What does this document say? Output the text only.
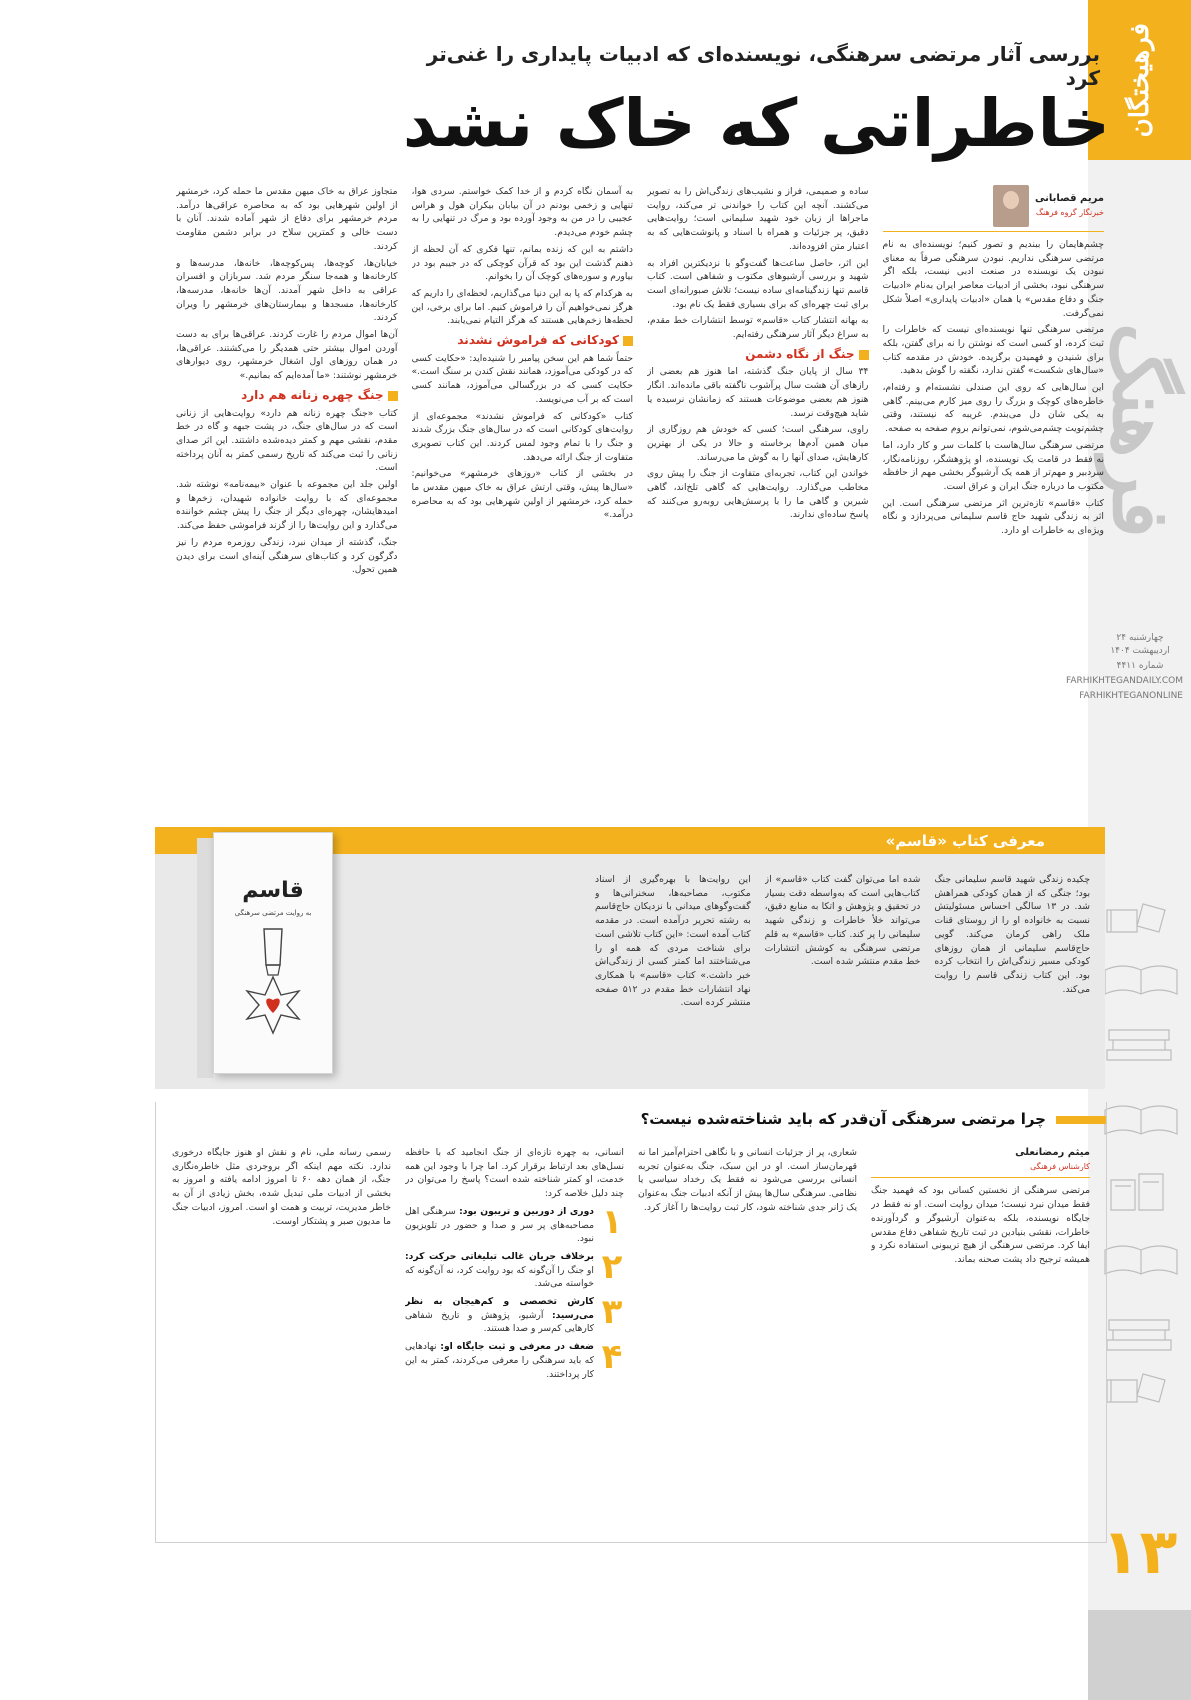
فرهیختگان
فرهنگ
چهارشنبه ۲۴ اردیبهشت ۱۴۰۴
شماره ۴۴۱۱
FARHIKHTEGANDAILY.COM
FARHIKHTEGANONLINE
۱۳
بررسی آثار مرتضی سرهنگی، نویسنده‌ای که ادبیات پایداری را غنی‌تر کرد
خاطراتی که خاک نشد
مریم قصابانی
خبرنگار گروه فرهنگ

چشم‌هایمان را ببندیم و تصور کنیم؛ نویسنده‌ای به نام مرتضی سرهنگی نداریم. نبودن سرهنگی صرفاً به معنای نبودن یک نویسنده در صنعت ادبی نیست، بلکه اگر سرهنگی نبود، بخشی از ادبیات معاصر ایران به‌نام «ادبیات جنگ و دفاع مقدس» یا همان «ادبیات پایداری» اصلاً شکل نمی‌گرفت.

مرتضی سرهنگی تنها نویسنده‌ای نیست که خاطرات را ثبت کرده، او کسی است که نوشتن را نه برای گفتن، بلکه برای شنیدن و فهمیدن برگزیده. خودش در مقدمه کتاب «سال‌های شکست» گفتن ندارد، نگفته را گوش بدهید.

این سال‌هایی که روی این صندلی نشسته‌ام و رفته‌ام، خاطره‌های کوچک و بزرگ را روی میز کارم می‌بینم. گاهی به یکی شان دل می‌بندم. غریبه که نیستند، وقتی چشم‌تویت چشم‌می‌شوم، نمی‌توانم بروم صفحه به صفحه.

مرتضی سرهنگی سال‌هاست با کلمات سر و کار دارد، اما نه فقط در قامت یک نویسنده، او پژوهشگر، روزنامه‌نگار، سردبیر و مهم‌تر از همه یک آرشیوگر بخشی مهم از حافظه مکتوب ما درباره جنگ ایران و عراق است.

کتاب «قاسم» تازه‌ترین اثر مرتضی سرهنگی است. این اثر به زندگی شهید حاج قاسم سلیمانی می‌پردازد و نگاه ویژه‌ای به خاطرات او دارد.

ساده و صمیمی، فراز و نشیب‌های زندگی‌اش را به تصویر می‌کشند. آنچه این کتاب را خواندنی تر می‌کند، روایت ماجراها از زبان خود شهید سلیمانی است؛ روایت‌هایی دقیق، پر جزئیات و همراه با اسناد و پانوشت‌هایی که به اعتبار متن افزوده‌اند.

این اثر، حاصل ساعت‌ها گفت‌وگو با نزدیکترین افراد به شهید و بررسی آرشیوهای مکتوب و شفاهی است. کتاب قاسم تنها زندگینامه‌ای ساده نیست؛ تلاش صبورانه‌ای است برای ثبت چهره‌ای که برای بسیاری فقط یک نام بود.

به بهانه انتشار کتاب «قاسم» توسط انتشارات خط مقدم، به سراغ دیگر آثار سرهنگی رفته‌ایم.

جنگ از نگاه دشمن

۳۴ سال از پایان جنگ گذشته، اما هنوز هم بعضی از رازهای آن هشت سال پرآشوب ناگفته باقی مانده‌اند. انگار هنوز هم بعضی موضوعات هستند که زمانشان نرسیده یا شاید هیچ‌وقت نرسد.

راوی، سرهنگی است؛ کسی که خودش هم روزگاری از میان همین آدم‌ها برخاسته و حالا در یکی از بهترین کارهایش، صدای آنها را به گوش ما می‌رساند.

خواندن این کتاب، تجربه‌ای متفاوت از جنگ را پیش روی مخاطب می‌گذارد. روایت‌هایی که گاهی تلخ‌اند، گاهی شیرین و گاهی ما را با پرسش‌هایی روبه‌رو می‌کنند که پاسخ ساده‌ای ندارند.

به آسمان نگاه کردم و از خدا کمک خواستم. سردی هوا، تنهایی و زخمی بودنم در آن بیابان بیکران هول و هراس عجیبی را در من به وجود آورده بود و مرگ در تنهایی را به چشم خودم می‌دیدم.

داشتم به این که زنده بمانم، تنها فکری که آن لحظه از ذهنم گذشت این بود که قرآن کوچکی که در جیبم بود در بیاورم و سوره‌های کوچک آن را بخوانم.

به هرکدام که پا به این دنیا می‌گذاریم، لحظه‌ای را داریم که هرگز نمی‌خواهیم آن را فراموش کنیم. اما برای برخی، این لحظه‌ها زخم‌هایی هستند که هرگز التیام نمی‌یابند.

کودکانی که فراموش نشدند

حتماً شما هم این سخن پیامبر را شنیده‌اید: «حکایت کسی که در کودکی می‌آموزد، همانند نقش کندن بر سنگ است.» حکایت کسی که در بزرگسالی می‌آموزد، همانند کسی است که بر آب می‌نویسد.

کتاب «کودکانی که فراموش نشدند» مجموعه‌ای از روایت‌های کودکانی است که در سال‌های جنگ بزرگ شدند و جنگ را با تمام وجود لمس کردند. این کتاب تصویری متفاوت از جنگ ارائه می‌دهد.

در بخشی از کتاب «روزهای خرمشهر» می‌خوانیم: «سال‌ها پیش، وقتی ارتش عراق به خاک میهن مقدس ما حمله کرد، خرمشهر از اولین شهرهایی بود که به محاصره درآمد.»

متجاوز عراق به خاک میهن مقدس ما حمله کرد، خرمشهر از اولین شهرهایی بود که به محاصره عراقی‌ها درآمد. مردم خرمشهر برای دفاع از شهر آماده شدند. آنان با دست خالی و کمترین سلاح در برابر دشمن مقاومت کردند.

خیابان‌ها، کوچه‌ها، پس‌کوچه‌ها، خانه‌ها، مدرسه‌ها و کارخانه‌ها و همه‌جا سنگر مردم شد. سربازان و افسران عراقی به داخل شهر آمدند. آن‌ها خانه‌ها، مدرسه‌ها، کارخانه‌ها، مسجدها و بیمارستان‌های خرمشهر را ویران کردند.

آن‌ها اموال مردم را غارت کردند. عراقی‌ها برای به دست آوردن اموال بیشتر حتی همدیگر را می‌کشتند. عراقی‌ها، در همان روزهای اول اشغال خرمشهر، روی دیوارهای خرمشهر نوشتند: «ما آمده‌ایم که بمانیم.»

جنگ چهره زنانه هم دارد

کتاب «جنگ چهره زنانه هم دارد» روایت‌هایی از زنانی است که در سال‌های جنگ، در پشت جبهه و گاه در خط مقدم، نقشی مهم و کمتر دیده‌شده داشتند. این اثر صدای زنانی را ثبت می‌کند که تاریخ رسمی کمتر به آنان پرداخته است.

اولین جلد این مجموعه با عنوان «بیمه‌نامه» نوشته شد. مجموعه‌ای که با روایت خانواده شهیدان، زخم‌ها و امیدهایشان، چهره‌ای دیگر از جنگ را پیش چشم خواننده می‌گذارد و این روایت‌ها را از گزند فراموشی حفظ می‌کند.

جنگ، گذشته از میدان نبرد، زندگی روزمره مردم را نیز دگرگون کرد و کتاب‌های سرهنگی آینه‌ای است برای دیدن همین تحول.

معرفی کتاب «قاسم»
چکیده زندگی شهید قاسم سلیمانی جنگ بود؛ جنگی که از همان کودکی همراهش شد. در ۱۳ سالگی احساس مسئولیتش نسبت به خانواده او را از روستای قنات ملک راهی کرمان می‌کند. گویی حاج‌قاسم سلیمانی از همان روزهای کودکی مسیر زندگی‌اش را انتخاب کرده بود. این کتاب زندگی قاسم را روایت می‌کند.
شده اما می‌توان گفت کتاب «قاسم» از کتاب‌هایی است که به‌واسطه دقت بسیار در تحقیق و پژوهش و اتکا به منابع دقیق، می‌تواند خلأ خاطرات و زندگی شهید سلیمانی را پر کند. کتاب «قاسم» به قلم مرتضی سرهنگی به کوشش انتشارات خط مقدم منتشر شده است.
این روایت‌ها با بهره‌گیری از اسناد مکتوب، مصاحبه‌ها، سخنرانی‌ها و گفت‌وگوهای میدانی با نزدیکان حاج‌قاسم به رشته تحریر درآمده است. در مقدمه کتاب آمده است: «این کتاب تلاشی است برای شناخت مردی که همه او را می‌شناختند اما کمتر کسی از زندگی‌اش خبر داشت.» کتاب «قاسم» با همکاری نهاد انتشارات خط مقدم در ۵۱۲ صفحه منتشر کرده است.
قاسم
به روایت مرتضی سرهنگی
چرا مرتضی سرهنگی آن‌قدر که باید شناخته‌شده نیست؟
میثم رمضانعلی
کارشناس فرهنگی

مرتضی سرهنگی از نخستین کسانی بود که فهمید جنگ فقط میدان نبرد نیست؛ میدان روایت است. او نه فقط در جایگاه نویسنده، بلکه به‌عنوان آرشیوگر و گردآورنده خاطرات، نقشی بنیادین در ثبت تاریخ شفاهی دفاع مقدس ایفا کرد. مرتضی سرهنگی از هیچ تریبونی استفاده نکرد و همیشه ترجیح داد پشت صحنه بماند.

شعاری، پر از جزئیات انسانی و با نگاهی احترام‌آمیز اما نه قهرمان‌ساز است. او در این سبک، جنگ به‌عنوان تجربه انسانی بررسی می‌شود نه فقط یک رخداد سیاسی یا نظامی. سرهنگی سال‌ها پیش از آنکه ادبیات جنگ به‌عنوان یک ژانر جدی شناخته شود، کار ثبت روایت‌ها را آغاز کرد.

انسانی، به چهره تازه‌ای از جنگ انجامید که با حافظه نسل‌های بعد ارتباط برقرار کرد. اما چرا با وجود این همه خدمت، او کمتر شناخته شده است؟ پاسخ را می‌توان در چند دلیل خلاصه کرد:

۱
دوری از دوربین و تریبون بود: سرهنگی اهل مصاحبه‌های پر سر و صدا و حضور در تلویزیون نبود.
۲
برخلاف جریان غالب تبلیغاتی حرکت کرد: او جنگ را آن‌گونه که بود روایت کرد، نه آن‌گونه که خواسته می‌شد.
۳
کارش تخصصی و کم‌هیجان به نظر می‌رسید: آرشیو، پژوهش و تاریخ شفاهی کارهایی کم‌سر و صدا هستند.
۴
ضعف در معرفی و ثبت جایگاه او: نهادهایی که باید سرهنگی را معرفی می‌کردند، کمتر به این کار پرداختند.

رسمی رسانه ملی، نام و نقش او هنوز جایگاه درخوری ندارد. نکته مهم اینکه اگر بروجردی مثل خاطره‌نگاری جنگ، از همان دهه ۶۰ تا امروز ادامه یافته و امروز به بخشی از ادبیات ملی تبدیل شده، بخش زیادی از آن به خاطر مدیریت، تربیت و همت او است. امروز، ادبیات جنگ ما مدیون صبر و پشتکار اوست.
